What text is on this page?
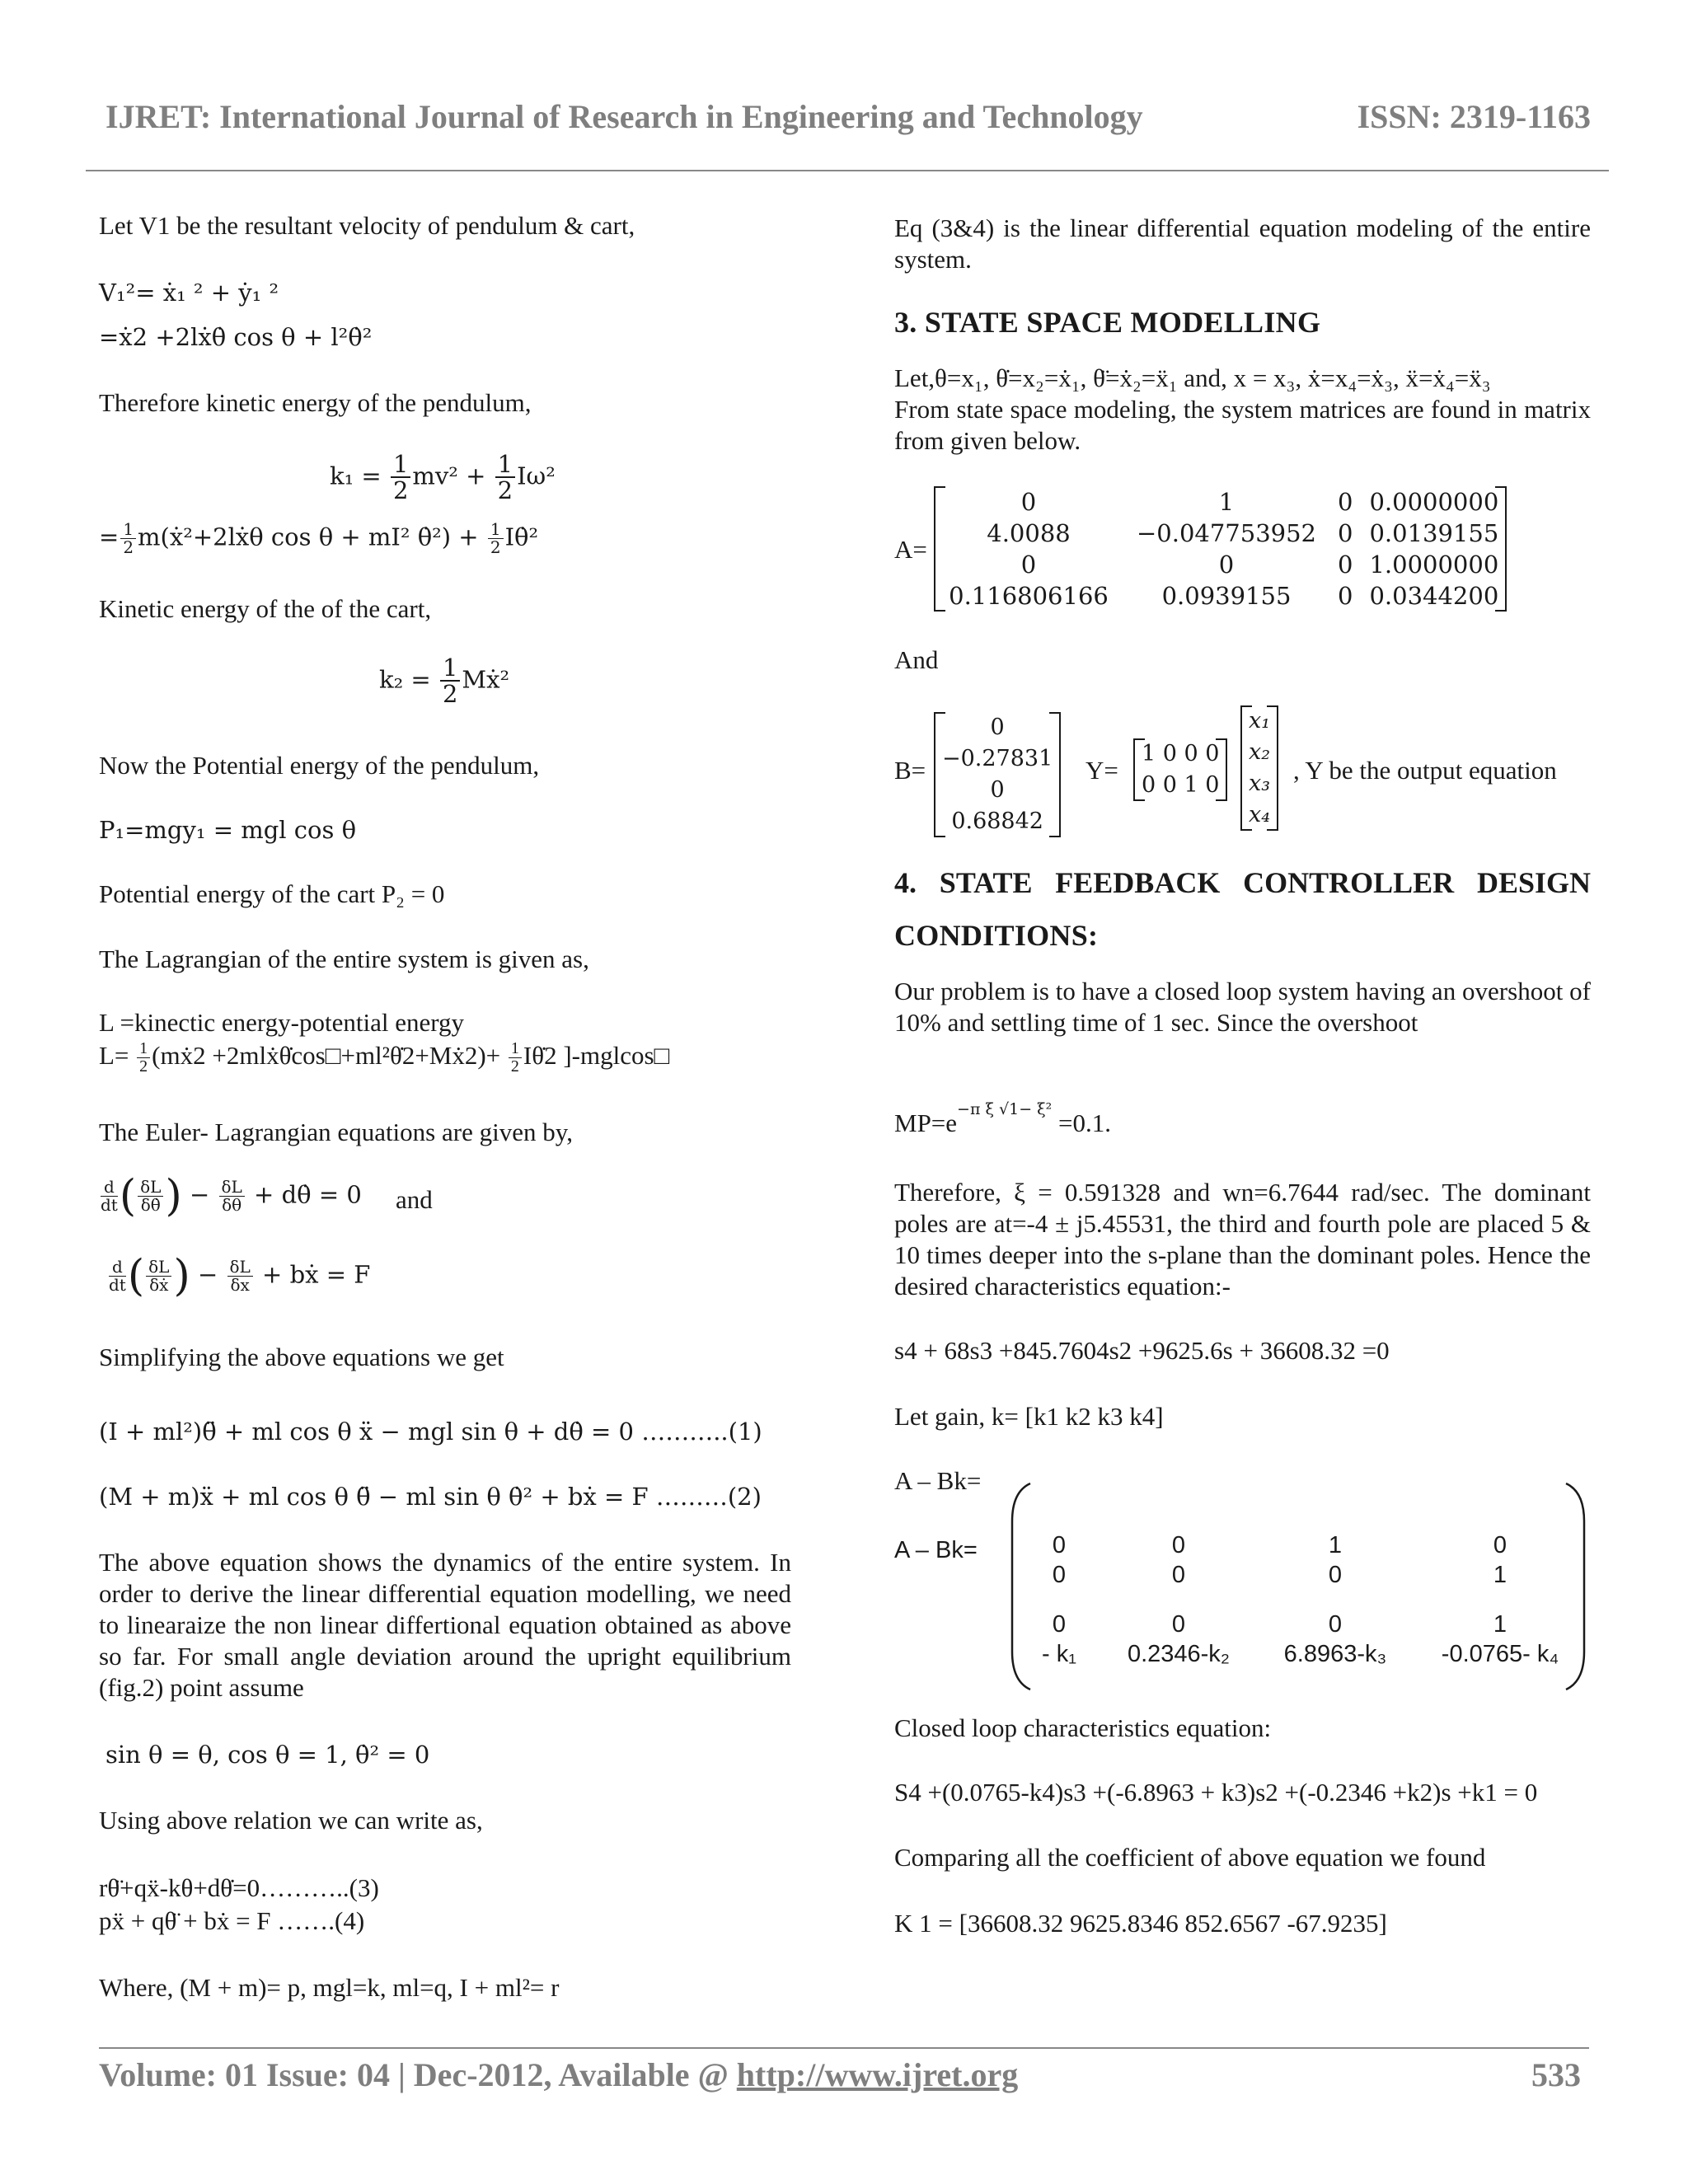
IJRET: International Journal of Research in Engineering and Technology	ISSN: 2319-1163
Let V1 be the resultant velocity of pendulum & cart,
V₁²= ẋ₁ ² + ẏ₁ ²
=ẋ2 +2lẋθ̇ cos θ + l²θ̇²
Therefore kinetic energy of the pendulum,
$k_1 = \frac{1}{2} mv^2 + \frac{1}{2} I\omega^2$
= $\frac{1}{2}$ m(ẋ²+2lẋθ cos θ + mI² θ̇²) + $\frac{1}{2}$ Iθ̇²
Kinetic energy of the of the cart,
$k_2 = \frac{1}{2}$ Mẋ²
Now the Potential energy of the pendulum,
P₁=mgy₁ = mgl cos θ
Potential energy of the cart P₂ = 0
The Lagrangian of the entire system is given as,
L =kinectic energy-potential energy
$L= \frac{1}{2}$ (mẋ2 +2mlẋθ̇cos□+ml²θ̇2+Mẋ2)+ $\frac{1}{2}$ Iθ̇2 ]-mglcos□
The Euler- Lagrangian equations are given by,
$\frac{d}{dt}$ ( $\frac{\delta L}{\delta\thetȧ}$ ) − $\frac{\delta L}{\delta\theta}$ + dθ̇ = 0 and
$\frac{d}{dt}$ ( $\frac{\delta L}{\text{δẋ}}$ ) − $\frac{\delta L}{\delta x}$ + bẋ = F
Simplifying the above equations we get
(I + ml²)θ̈ + ml cos θ ẍ − mgl sin θ + dθ̇ = 0 ………..(1)
(M + m)ẍ + ml cos θ θ̈ − ml sin θ θ̇² + bẋ = F ………(2)
The above equation shows the dynamics of the entire system. In order to derive the linear differential equation modelling, we need to linearaize the non linear differtional equation obtained as above so far. For small angle deviation around the upright equilibrium (fig.2) point assume
sin θ = θ, cos θ = 1, θ̇² = 0
Using above relation we can write as,
rθ̈+qẍ-kθ+dθ̇=0………..(3)
pẍ + qθ̈ + bẋ = F …….(4)
Where, (M + m)= p, mgl=k, ml=q, I + ml²= r
Eq (3&4) is the linear differential equation modeling of the entire system.
3. STATE SPACE MODELLING
Let,θ=x₁, θ̇=x₂=ẋ₁, θ̈=ẋ₂=ẍ₁ and, x = x₃, ẋ=x₄=ẋ₃, ẍ=ẋ₄=ẍ₃
From state space modeling, the system matrices are found in matrix from given below.
A=
0	1	0	0.0000000
4.0088	−0.047753952	0	0.0139155
0	0	0	1.0000000
0.116806166	0.0939155	0	0.0344200
And
B=
0
−0.27831
0
0.68842
Y=
1 0 0 0
0 0 1 0
x₁
x₂
x₃
x₄
, Y be the output equation
4. STATE FEEDBACK CONTROLLER DESIGN
CONDITIONS:
Our problem is to have a closed loop system having an overshoot of 10% and settling time of 1 sec. Since the overshoot
$MP=e^{-\pi \xi √1- \xi^2} =0.1$.
Therefore, ξ = 0.591328 and wn=6.7644 rad/sec. The dominant poles are at=-4 ± j5.45531, the third and fourth pole are placed 5 & 10 times deeper into the s-plane than the dominant poles. Hence the desired characteristics equation:-
s4 + 68s3 +845.7604s2 +9625.6s + 36608.32 =0
Let gain, k= [k1 k2 k3 k4]
A – Bk=
A – Bk=	0	0	1	0
0	0	0	1
0	0	0	1
- k₁	0.2346-k₂	6.8963-k₃	-0.0765- k₄
Closed loop characteristics equation:
S4 +(0.0765-k4)s3 +(-6.8963 + k3)s2 +(-0.2346 +k2)s +k1 = 0
Comparing all the coefficient of above equation we found
K 1 = [36608.32 9625.8346 852.6567 -67.9235]
Volume: 01 Issue: 04 | Dec-2012, Available @ http://www.ijret.org	533
